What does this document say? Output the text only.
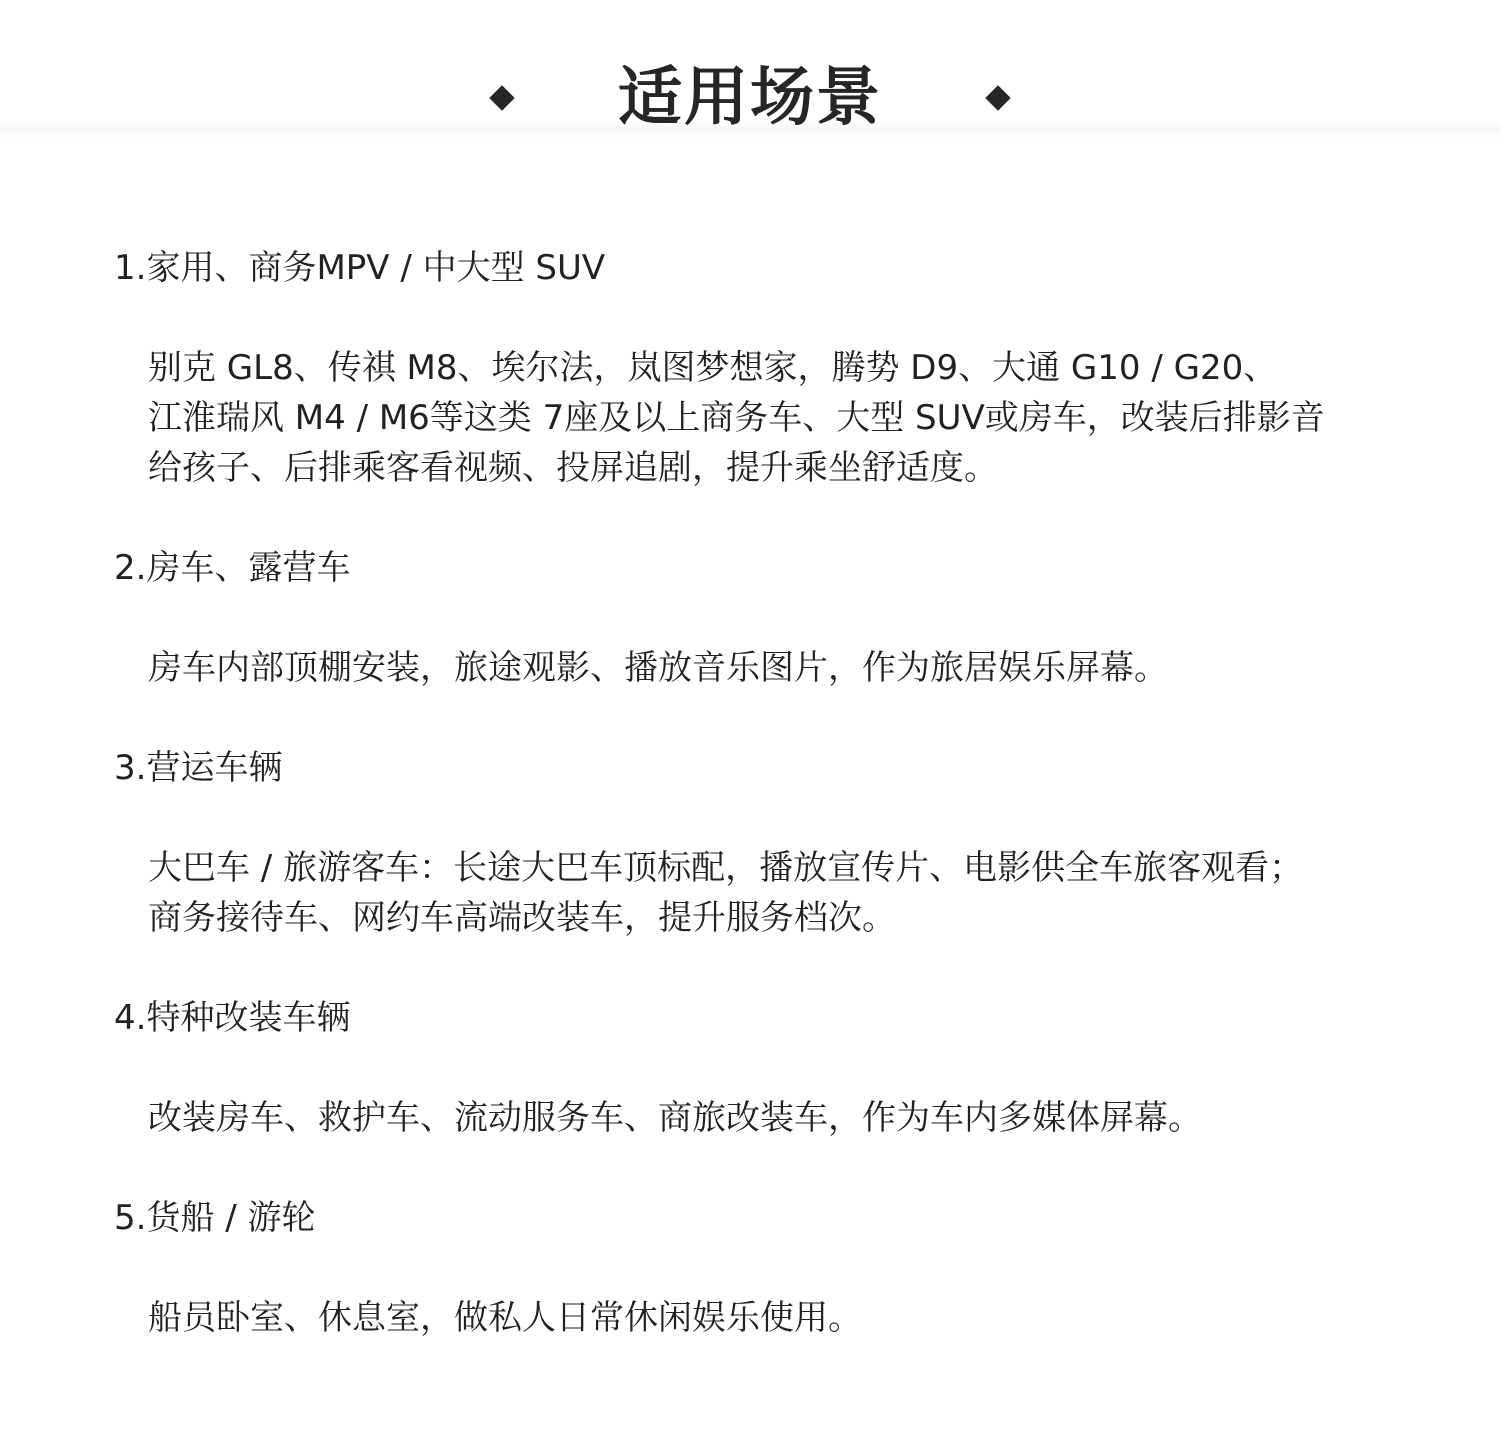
适用场景
1.家用、商务MPV / 中大型 SUV
别克 GL8、传祺 M8、埃尔法，岚图梦想家，腾势 D9、大通 G10 / G20、
江淮瑞风 M4 / M6等这类 7座及以上商务车、大型 SUV或房车，改装后排影音
给孩子、后排乘客看视频、投屏追剧，提升乘坐舒适度。
2.房车、露营车
房车内部顶棚安装，旅途观影、播放音乐图片，作为旅居娱乐屏幕。
3.营运车辆
大巴车 / 旅游客车：长途大巴车顶标配，播放宣传片、电影供全车旅客观看；
商务接待车、网约车高端改装车，提升服务档次。
4.特种改装车辆
改装房车、救护车、流动服务车、商旅改装车，作为车内多媒体屏幕。
5.货船 / 游轮
船员卧室、休息室，做私人日常休闲娱乐使用。
